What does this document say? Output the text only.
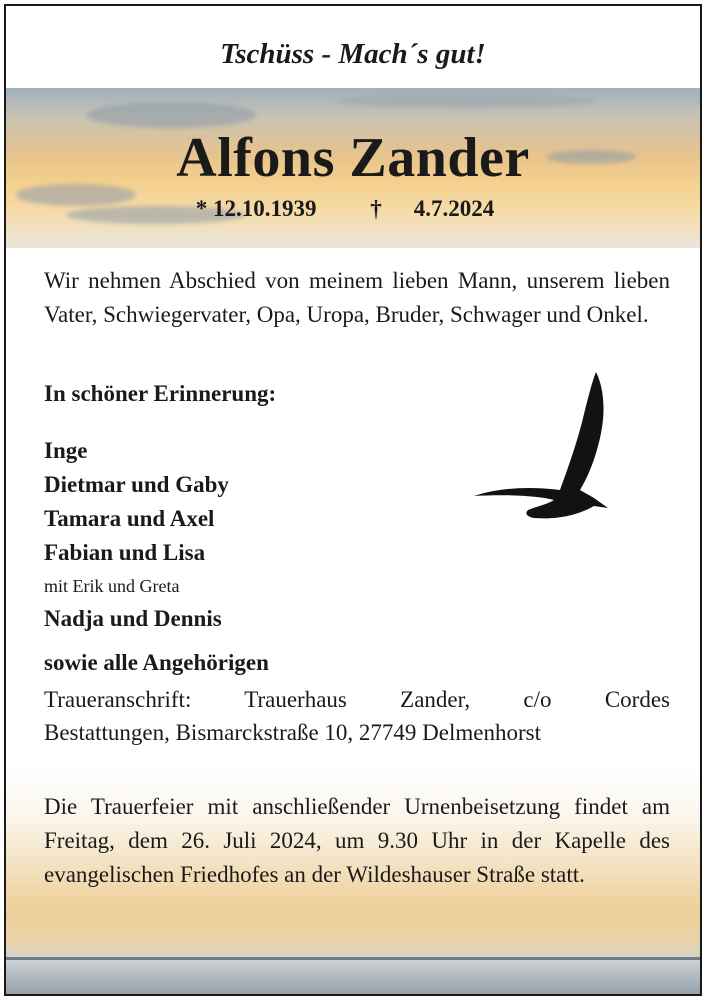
Tschüss - Mach´s gut!
Alfons Zander
* 12.10.1939 † 4.7.2024
Wir nehmen Abschied von meinem lieben Mann, unserem lieben Vater, Schwiegervater, Opa, Uropa, Bruder, Schwager und Onkel.
In schöner Erinnerung:
Inge
Dietmar und Gaby
Tamara und Axel
Fabian und Lisa
mit Erik und Greta
Nadja und Dennis
sowie alle Angehörigen
Traueranschrift: Trauerhaus Zander, c/o Cordes
Bestattungen, Bismarckstraße 10, 27749 Delmenhorst
Die Trauerfeier mit anschließender Urnenbeisetzung findet am Freitag, dem 26. Juli 2024, um 9.30 Uhr in der Kapelle des evangelischen Friedhofes an der Wildeshauser Straße statt.
